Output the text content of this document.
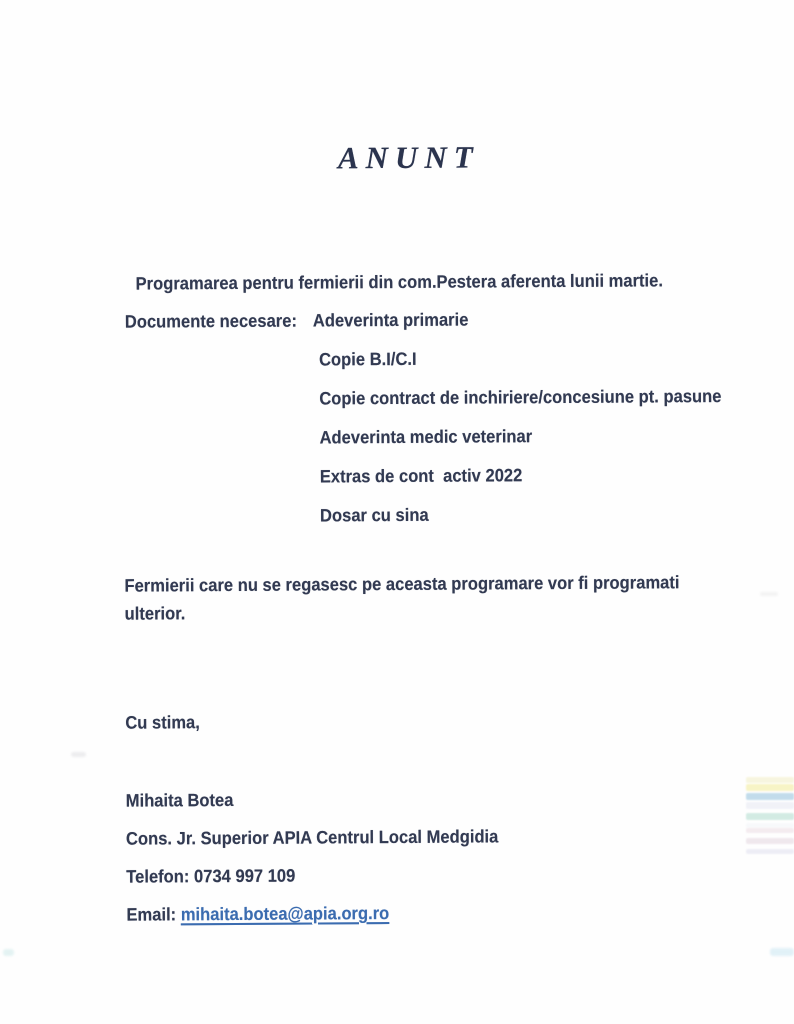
ANUNT

Programarea pentru fermierii din com.Pestera aferenta lunii martie.

Documente necesare:
Adeverinta primarie

Copie B.I/C.I

Copie contract de inchiriere/concesiune pt. pasune

Adeverinta medic veterinar

Extras de cont  activ 2022

Dosar cu sina

Fermierii care nu se regasesc pe aceasta programare vor fi programati

ulterior.

Cu stima,

Mihaita Botea

Cons. Jr. Superior APIA Centrul Local Medgidia

Telefon: 0734 997 109

Email: mihaita.botea@apia.org.ro
